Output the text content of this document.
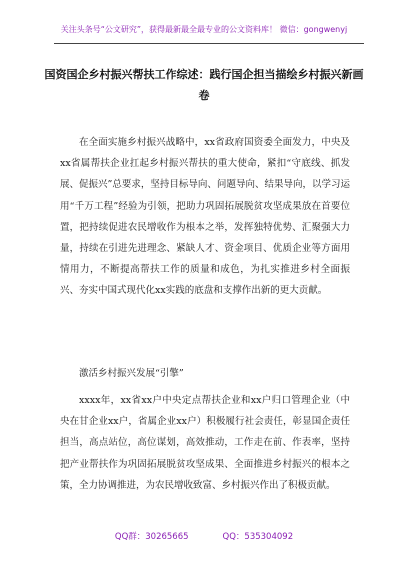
关注头条号“公文研究”，获得最新最全最专业的公文资料库！ 微信：gongwenyj
国资国企乡村振兴帮扶工作综述：践行国企担当描绘乡村振兴新画卷
在全面实施乡村振兴战略中，xx省政府国资委全面发力，中央及xx省属帮扶企业扛起乡村振兴帮扶的重大使命，紧扣“守底线、抓发展、促振兴”总要求，坚持目标导向、问题导向、结果导向，以学习运用“千万工程”经验为引领，把助力巩固拓展脱贫攻坚成果放在首要位置，把持续促进农民增收作为根本之举，发挥独特优势、汇聚强大力量，持续在引进先进理念、紧缺人才、资金项目、优质企业等方面用情用力，不断提高帮扶工作的质量和成色，为扎实推进乡村全面振兴、夯实中国式现代化xx实践的底盘和支撑作出新的更大贡献。
激活乡村振兴发展“引擎”
xxxx年，xx省xx户中央定点帮扶企业和xx户归口管理企业（中央在甘企业xx户，省属企业xx户）积极履行社会责任，彰显国企责任担当，高点站位，高位谋划，高效推动，工作走在前、作表率，坚持把产业帮扶作为巩固拓展脱贫攻坚成果、全面推进乡村振兴的根本之策，全力协调推进，为农民增收致富、乡村振兴作出了积极贡献。
QQ群：30265665	QQ：535304092
